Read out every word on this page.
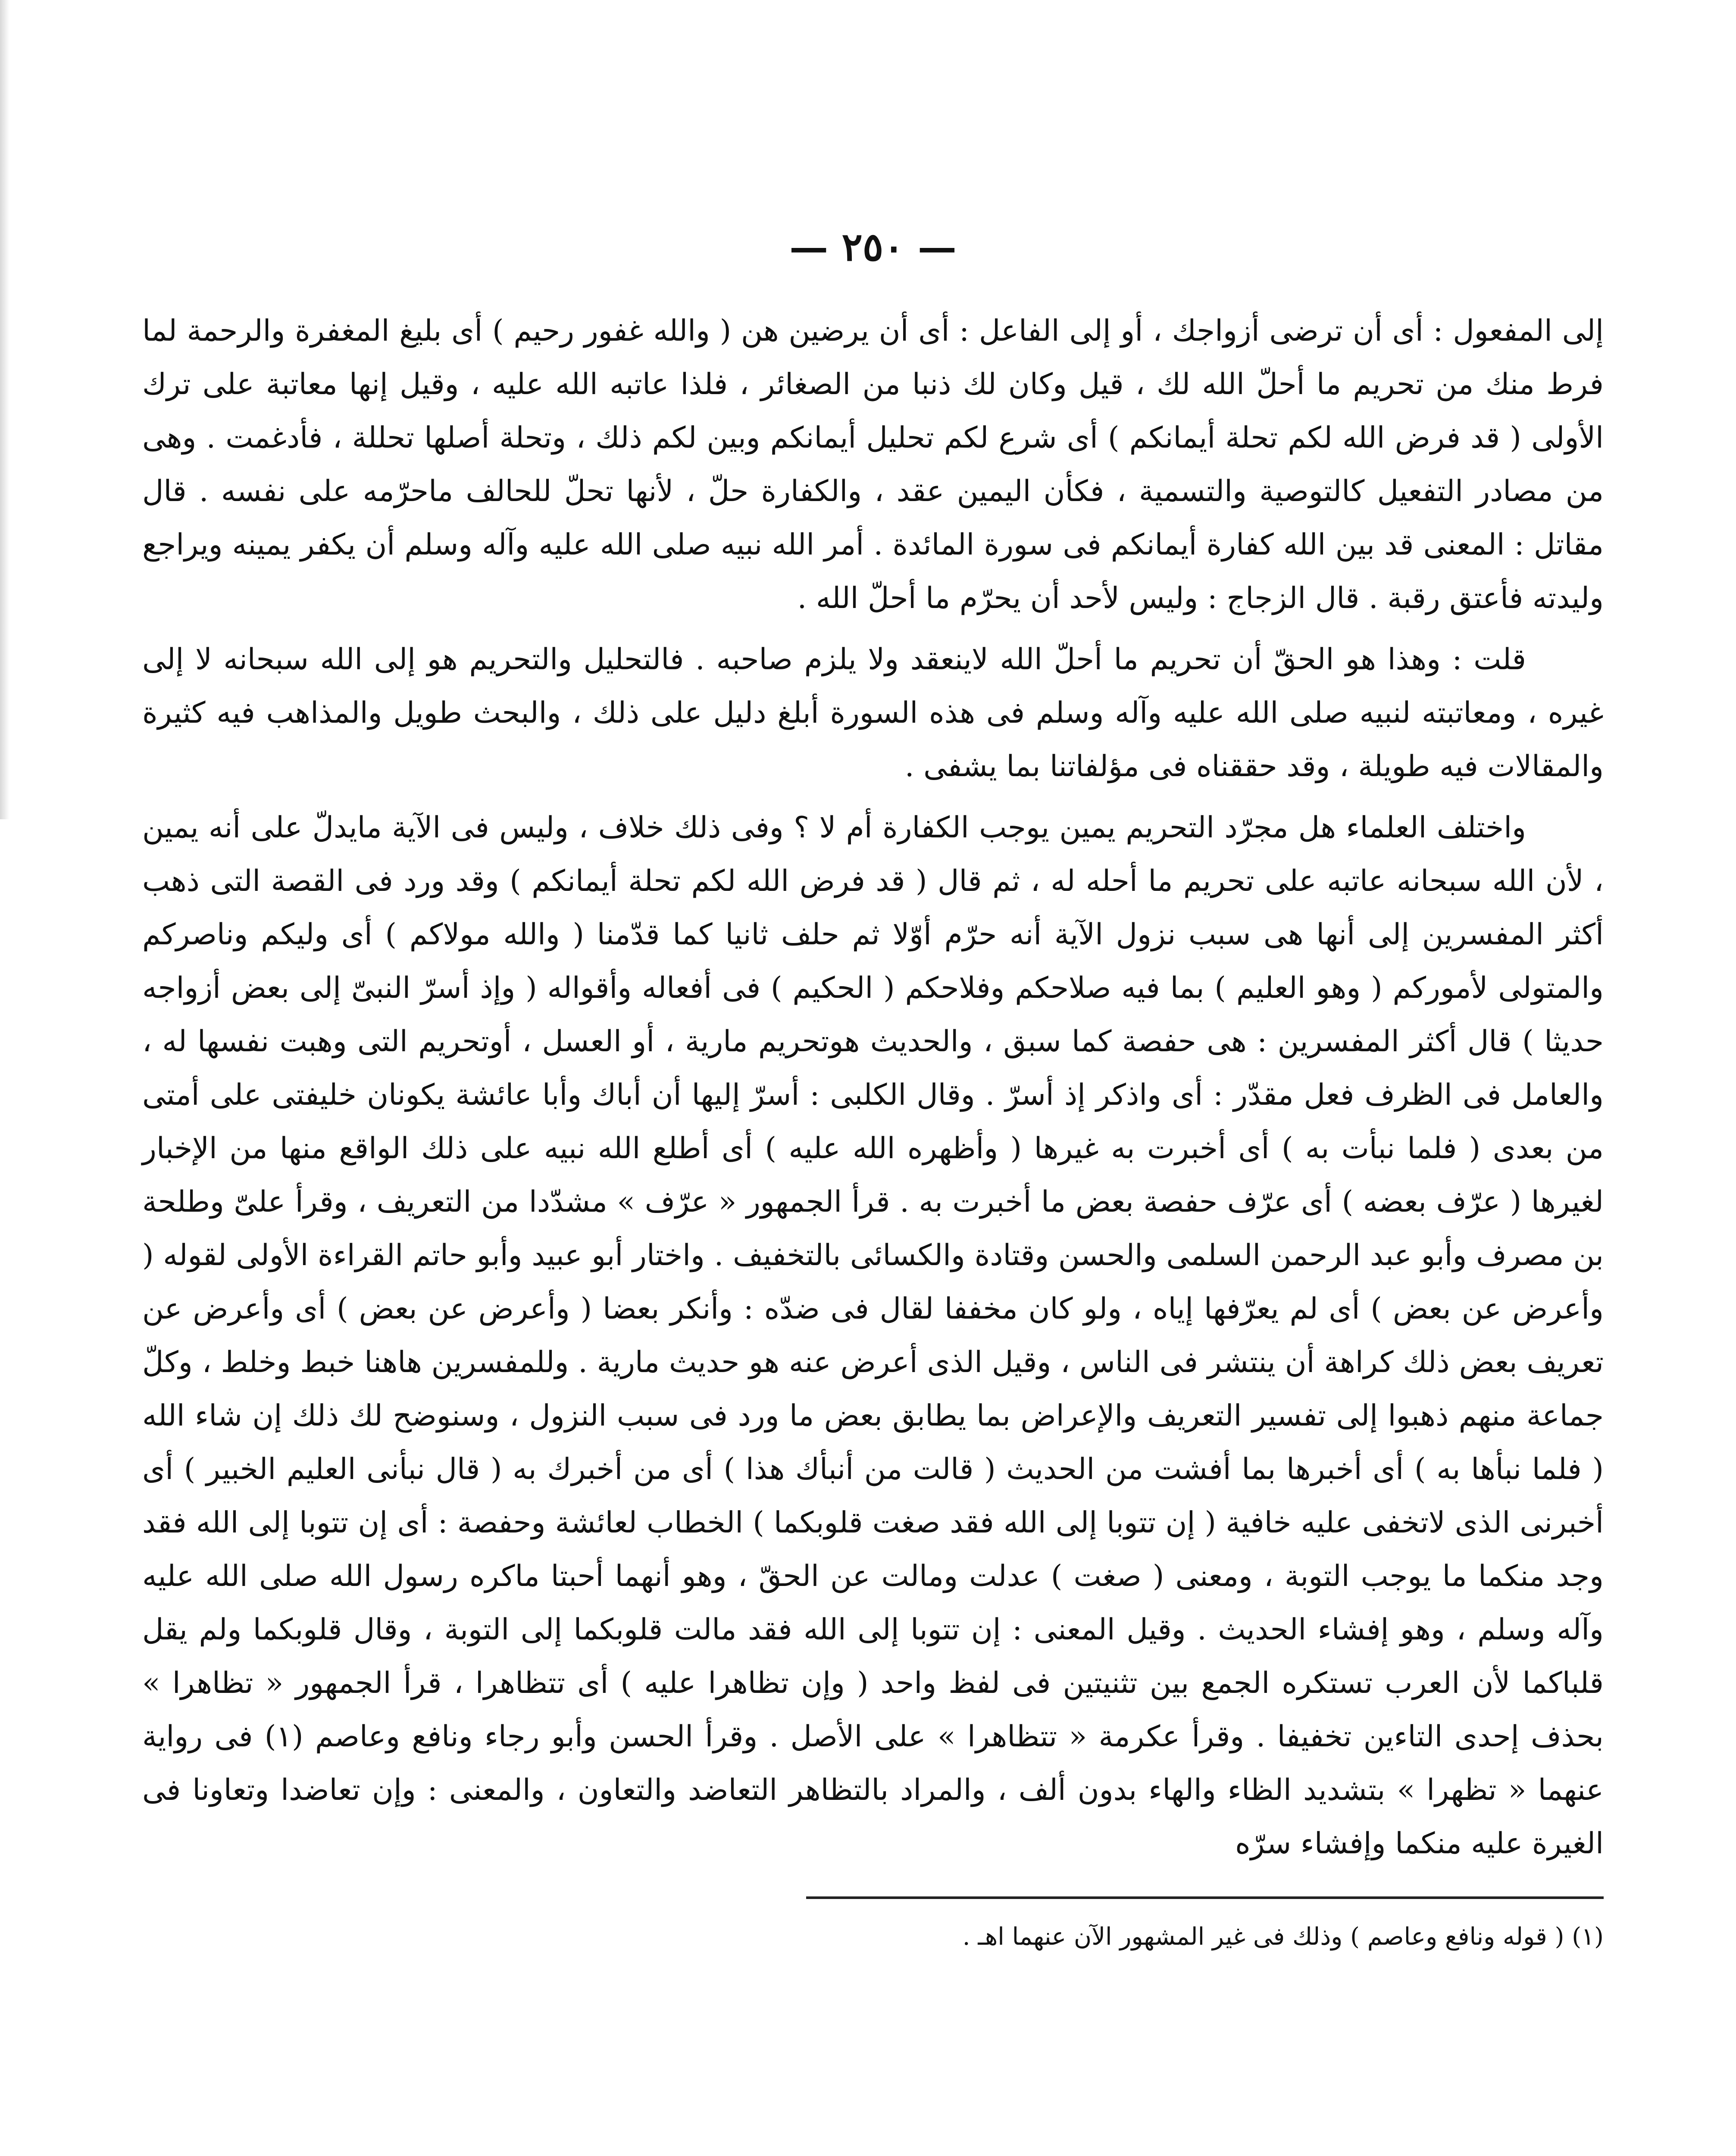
— ٢٥٠ —

إلى المفعول : أى أن ترضى أزواجك ، أو إلى الفاعل : أى أن يرضين هن ( والله غفور رحيم ) أى بليغ المغفرة والرحمة لما فرط منك من تحريم ما أحلّ الله لك ، قيل وكان لك ذنبا من الصغائر ، فلذا عاتبه الله عليه ، وقيل إنها معاتبة على ترك الأولى ( قد فرض الله لكم تحلة أيمانكم ) أى شرع لكم تحليل أيمانكم وبين لكم ذلك ، وتحلة أصلها تحللة ، فأدغمت . وهى من مصادر التفعيل كالتوصية والتسمية ، فكأن اليمين عقد ، والكفارة حلّ ، لأنها تحلّ للحالف ماحرّمه على نفسه . قال مقاتل : المعنى قد بين الله كفارة أيمانكم فى سورة المائدة . أمر الله نبيه صلى الله عليه وآله وسلم أن يكفر يمينه ويراجع وليدته فأعتق رقبة . قال الزجاج : وليس لأحد أن يحرّم ما أحلّ الله .

قلت : وهذا هو الحقّ أن تحريم ما أحلّ الله لاينعقد ولا يلزم صاحبه . فالتحليل والتحريم هو إلى الله سبحانه لا إلى غيره ، ومعاتبته لنبيه صلى الله عليه وآله وسلم فى هذه السورة أبلغ دليل على ذلك ، والبحث طويل والمذاهب فيه كثيرة والمقالات فيه طويلة ، وقد حققناه فى مؤلفاتنا بما يشفى .

واختلف العلماء هل مجرّد التحريم يمين يوجب الكفارة أم لا ؟ وفى ذلك خلاف ، وليس فى الآية مايدلّ على أنه يمين ، لأن الله سبحانه عاتبه على تحريم ما أحله له ، ثم قال ( قد فرض الله لكم تحلة أيمانكم ) وقد ورد فى القصة التى ذهب أكثر المفسرين إلى أنها هى سبب نزول الآية أنه حرّم أوّلا ثم حلف ثانيا كما قدّمنا ( والله مولاكم ) أى وليكم وناصركم والمتولى لأموركم ( وهو العليم ) بما فيه صلاحكم وفلاحكم ( الحكيم ) فى أفعاله وأقواله ( وإذ أسرّ النبىّ إلى بعض أزواجه حديثا ) قال أكثر المفسرين : هى حفصة كما سبق ، والحديث هوتحريم مارية ، أو العسل ، أوتحريم التى وهبت نفسها له ، والعامل فى الظرف فعل مقدّر : أى واذكر إذ أسرّ . وقال الكلبى : أسرّ إليها أن أباك وأبا عائشة يكونان خليفتى على أمتى من بعدى ( فلما نبأت به ) أى أخبرت به غيرها ( وأظهره الله عليه ) أى أطلع الله نبيه على ذلك الواقع منها من الإخبار لغيرها ( عرّف بعضه ) أى عرّف حفصة بعض ما أخبرت به . قرأ الجمهور « عرّف » مشدّدا من التعريف ، وقرأ علىّ وطلحة بن مصرف وأبو عبد الرحمن السلمى والحسن وقتادة والكسائى بالتخفيف . واختار أبو عبيد وأبو حاتم القراءة الأولى لقوله ( وأعرض عن بعض ) أى لم يعرّفها إياه ، ولو كان مخففا لقال فى ضدّه : وأنكر بعضا ( وأعرض عن بعض ) أى وأعرض عن تعريف بعض ذلك كراهة أن ينتشر فى الناس ، وقيل الذى أعرض عنه هو حديث مارية . وللمفسرين هاهنا خبط وخلط ، وكلّ جماعة منهم ذهبوا إلى تفسير التعريف والإعراض بما يطابق بعض ما ورد فى سبب النزول ، وسنوضح لك ذلك إن شاء الله ( فلما نبأها به ) أى أخبرها بما أفشت من الحديث ( قالت من أنبأك هذا ) أى من أخبرك به ( قال نبأنى العليم الخبير ) أى أخبرنى الذى لاتخفى عليه خافية ( إن تتوبا إلى الله فقد صغت قلوبكما ) الخطاب لعائشة وحفصة : أى إن تتوبا إلى الله فقد وجد منكما ما يوجب التوبة ، ومعنى ( صغت ) عدلت ومالت عن الحقّ ، وهو أنهما أحبتا ماكره رسول الله صلى الله عليه وآله وسلم ، وهو إفشاء الحديث . وقيل المعنى : إن تتوبا إلى الله فقد مالت قلوبكما إلى التوبة ، وقال قلوبكما ولم يقل قلباكما لأن العرب تستكره الجمع بين تثنيتين فى لفظ واحد ( وإن تظاهرا عليه ) أى تتظاهرا ، قرأ الجمهور « تظاهرا » بحذف إحدى التاءين تخفيفا . وقرأ عكرمة « تتظاهرا » على الأصل . وقرأ الحسن وأبو رجاء ونافع وعاصم (١) فى رواية عنهما « تظهرا » بتشديد الظاء والهاء بدون ألف ، والمراد بالتظاهر التعاضد والتعاون ، والمعنى : وإن تعاضدا وتعاونا فى الغيرة عليه منكما وإفشاء سرّه

(١) ( قوله ونافع وعاصم ) وذلك فى غير المشهور الآن عنهما اهـ .
